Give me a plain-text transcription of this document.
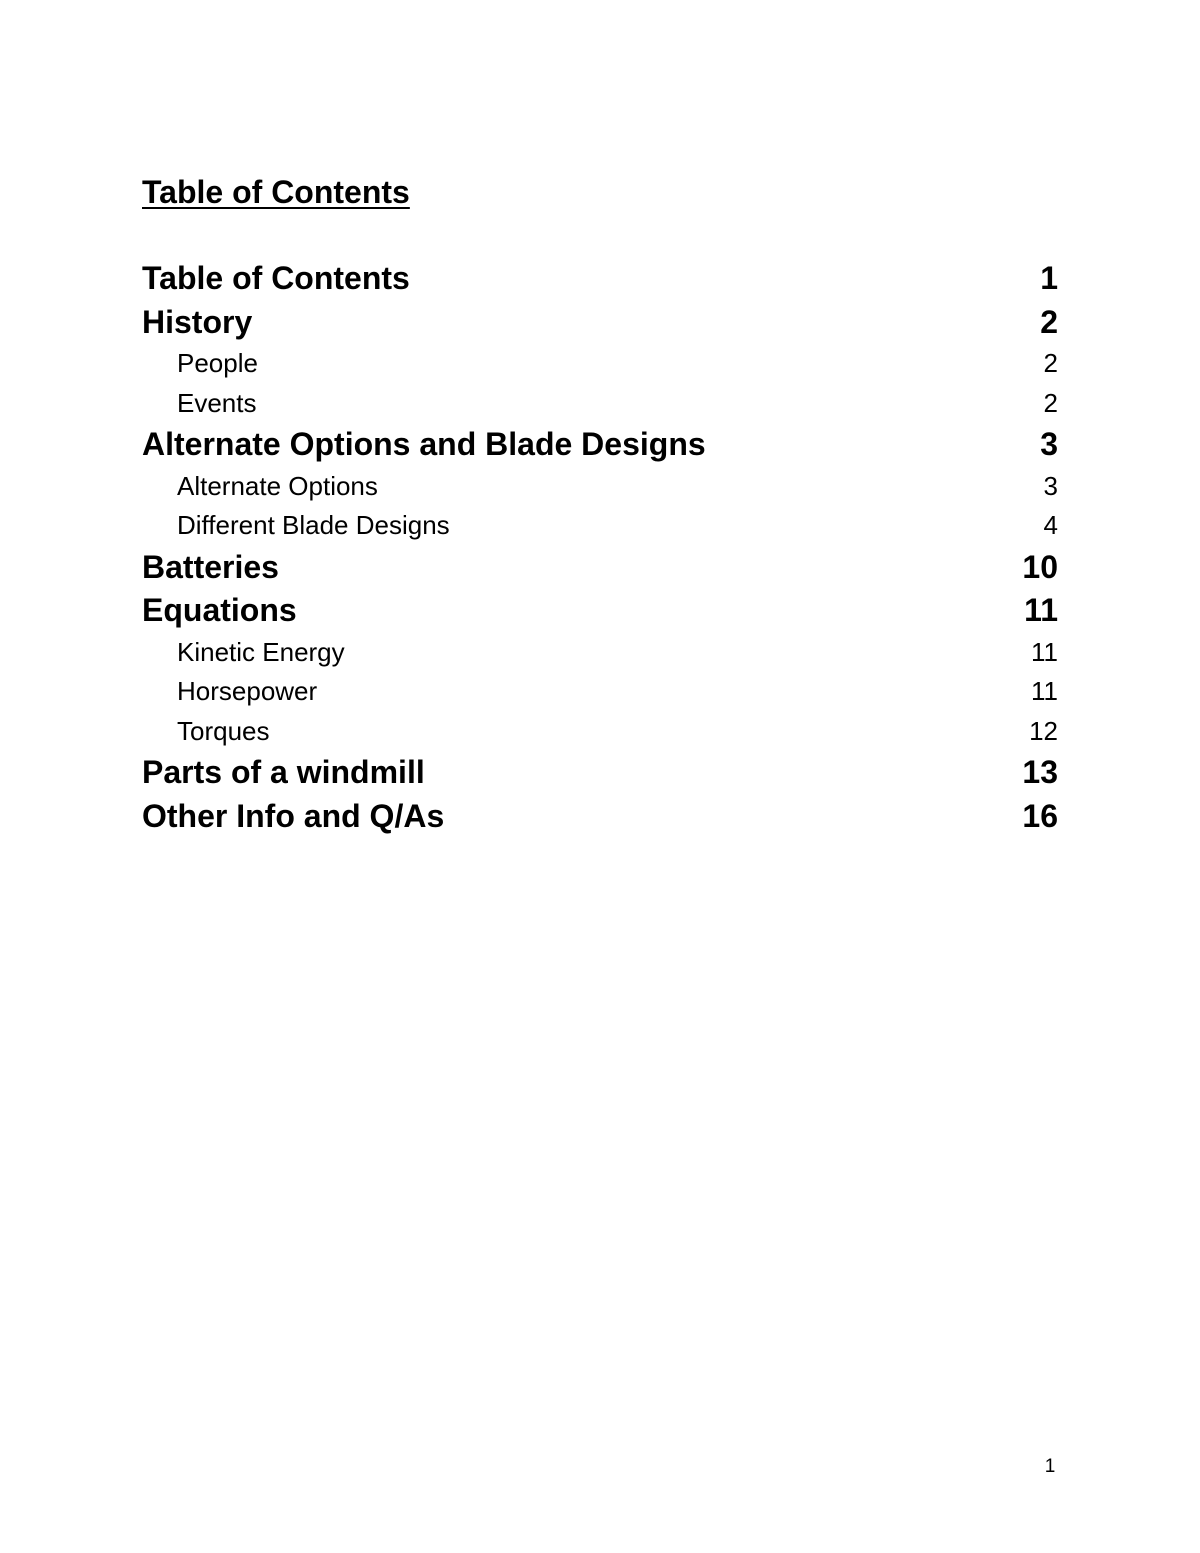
Table of Contents
Table of Contents	1
History	2
People	2
Events	2
Alternate Options and Blade Designs	3
Alternate Options	3
Different Blade Designs	4
Batteries	10
Equations	11
Kinetic Energy	11
Horsepower	11
Torques	12
Parts of a windmill	13
Other Info and Q/As	16
1
